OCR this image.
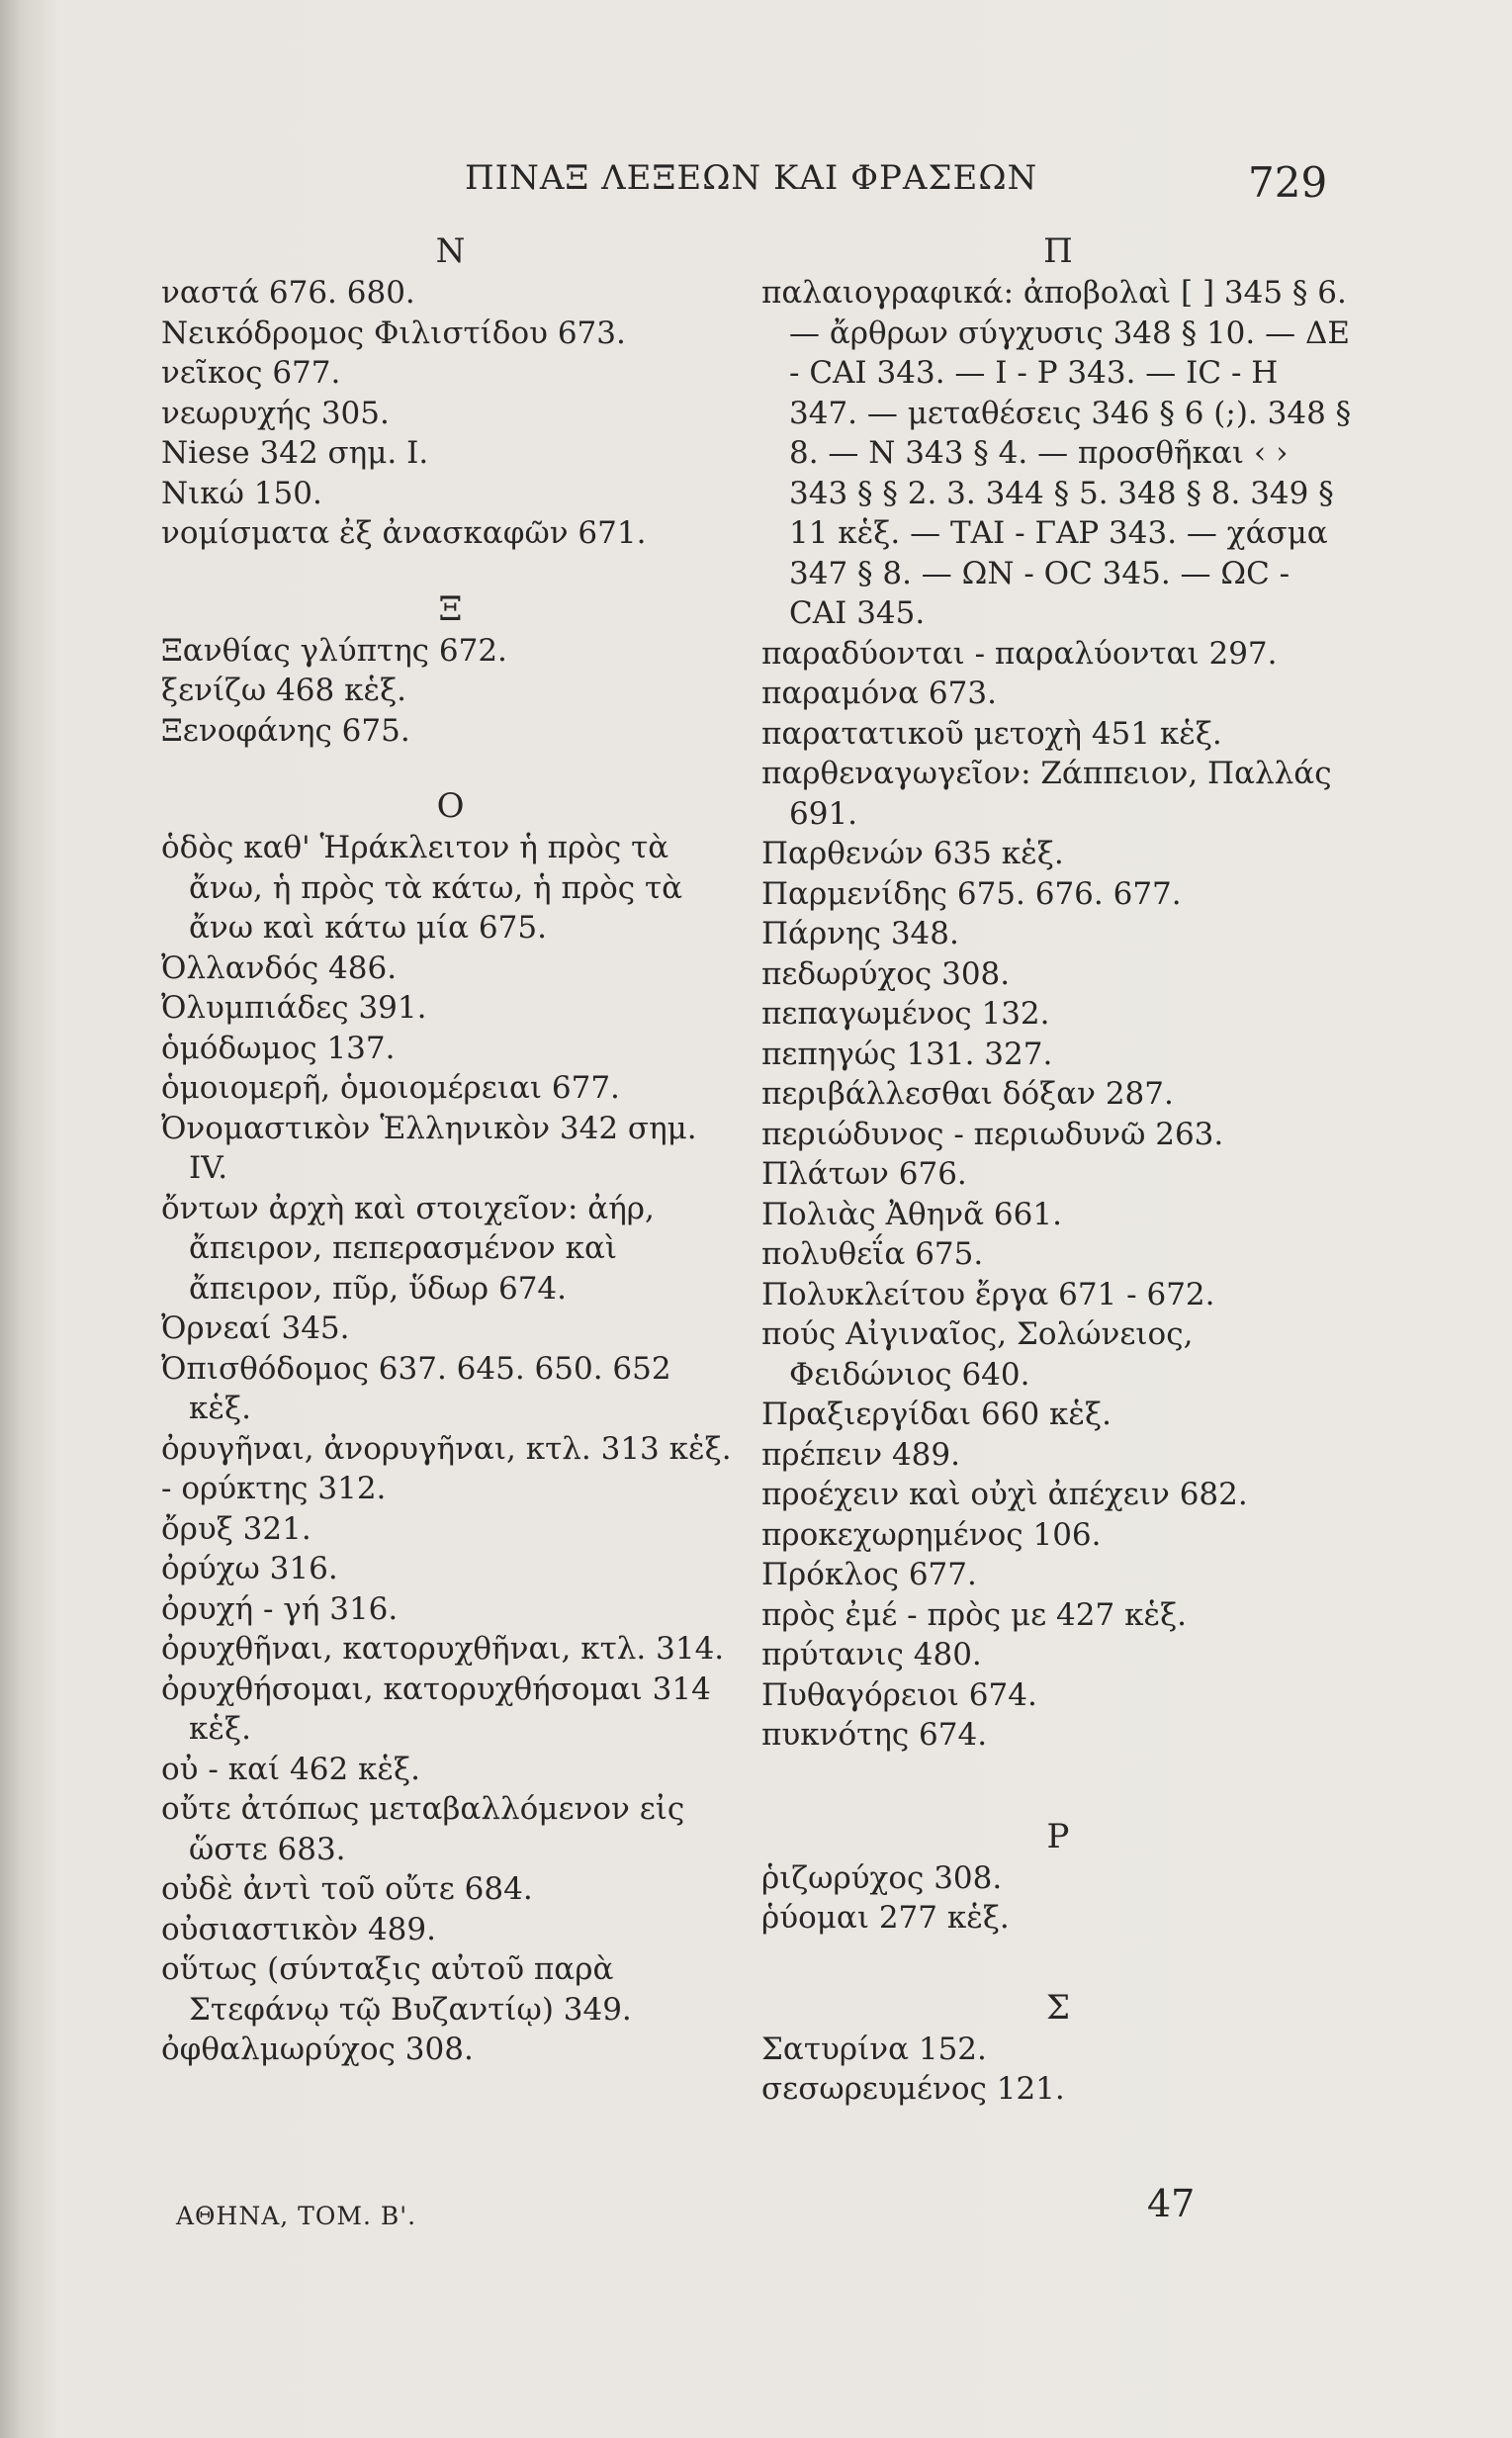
ΠΙΝΑΞ ΛΕΞΕΩΝ ΚΑΙ ΦΡΑΣΕΩΝ	729
Ν

ναστά 676. 680.

Νεικόδρομος Φιλιστίδου 673.

νεῖκος 677.

νεωρυχής 305.

Niese 342 σημ. I.

Νικώ 150.

νομίσματα ἐξ ἀνασκαφῶν 671.

Ξ

Ξανθίας γλύπτης 672.

ξενίζω 468 κἑξ.

Ξενοφάνης 675.

Ο

ὁδὸς καθ' Ἡράκλειτον ἡ πρὸς τὰ ἄνω, ἡ πρὸς τὰ κάτω, ἡ πρὸς τὰ ἄνω καὶ κάτω μία 675.

Ὀλλανδός 486.

Ὀλυμπιάδες 391.

ὁμόδωμος 137.

ὁμοιομερῆ, ὁμοιομέρειαι 677.

Ὀνομαστικὸν Ἑλληνικὸν 342 σημ. IV.

ὄντων ἀρχὴ καὶ στοιχεῖον: ἀήρ, ἄπειρον, πεπερασμένον καὶ ἄπειρον, πῦρ, ὕδωρ 674.

Ὀρνεαί 345.

Ὀπισθόδομος 637. 645. 650. 652 κἑξ.

ὀρυγῆναι, ἀνορυγῆναι, κτλ. 313 κἑξ.

- ορύκτης 312.

ὄρυξ 321.

ὀρύχω 316.

ὀρυχή - γή 316.

ὀρυχθῆναι, κατορυχθῆναι, κτλ. 314.

ὀρυχθήσομαι, κατορυχθήσομαι 314 κἑξ.

οὐ - καί 462 κἑξ.

οὔτε ἀτόπως μεταβαλλόμενον εἰς ὥστε 683.

οὐδὲ ἀντὶ τοῦ οὔτε 684.

οὐσιαστικὸν 489.

οὕτως (σύνταξις αὐτοῦ παρὰ Στεφάνῳ τῷ Βυζαντίῳ) 349.

ὀφθαλμωρύχος 308.

Π

παλαιογραφικά: ἀποβολαὶ [ ] 345 § 6. — ἄρθρων σύγχυσις 348 § 10. — ΔΕ - CAI 343. — Ι - Ρ 343. — ΙC - Η 347. — μεταθέσεις 346 § 6 (;). 348 § 8. — Ν 343 § 4. — προσθῆκαι ‹ › 343 § § 2. 3. 344 § 5. 348 § 8. 349 § 11 κἑξ. — ΤΑΙ - ΓΑΡ 343. — χάσμα 347 § 8. — ΩΝ - ΟC 345. — ΩC - CAI 345.

παραδύονται - παραλύονται 297.

παραμόνα 673.

παρατατικοῦ μετοχὴ 451 κἑξ.

παρθεναγωγεῖον: Ζάππειον, Παλλάς 691.

Παρθενών 635 κἑξ.

Παρμενίδης 675. 676. 677.

Πάρνης 348.

πεδωρύχος 308.

πεπαγωμένος 132.

πεπηγώς 131. 327.

περιβάλλεσθαι δόξαν 287.

περιώδυνος - περιωδυνῶ 263.

Πλάτων 676.

Πολιὰς Ἀθηνᾶ 661.

πολυθεΐα 675.

Πολυκλείτου ἔργα 671 - 672.

πούς Αἰγιναῖος, Σολώνειος, Φειδώνιος 640.

Πραξιεργίδαι 660 κἑξ.

πρέπειν 489.

προέχειν καὶ οὐχὶ ἀπέχειν 682.

προκεχωρημένος 106.

Πρόκλος 677.

πρὸς ἐμέ - πρὸς με 427 κἑξ.

πρύτανις 480.

Πυθαγόρειοι 674.

πυκνότης 674.

Ρ

ῥιζωρύχος 308.

ῥύομαι 277 κἑξ.

Σ

Σατυρίνα 152.

σεσωρευμένος 121.

ΑΘΗΝΑ, ΤΟΜ. Β'.	47
